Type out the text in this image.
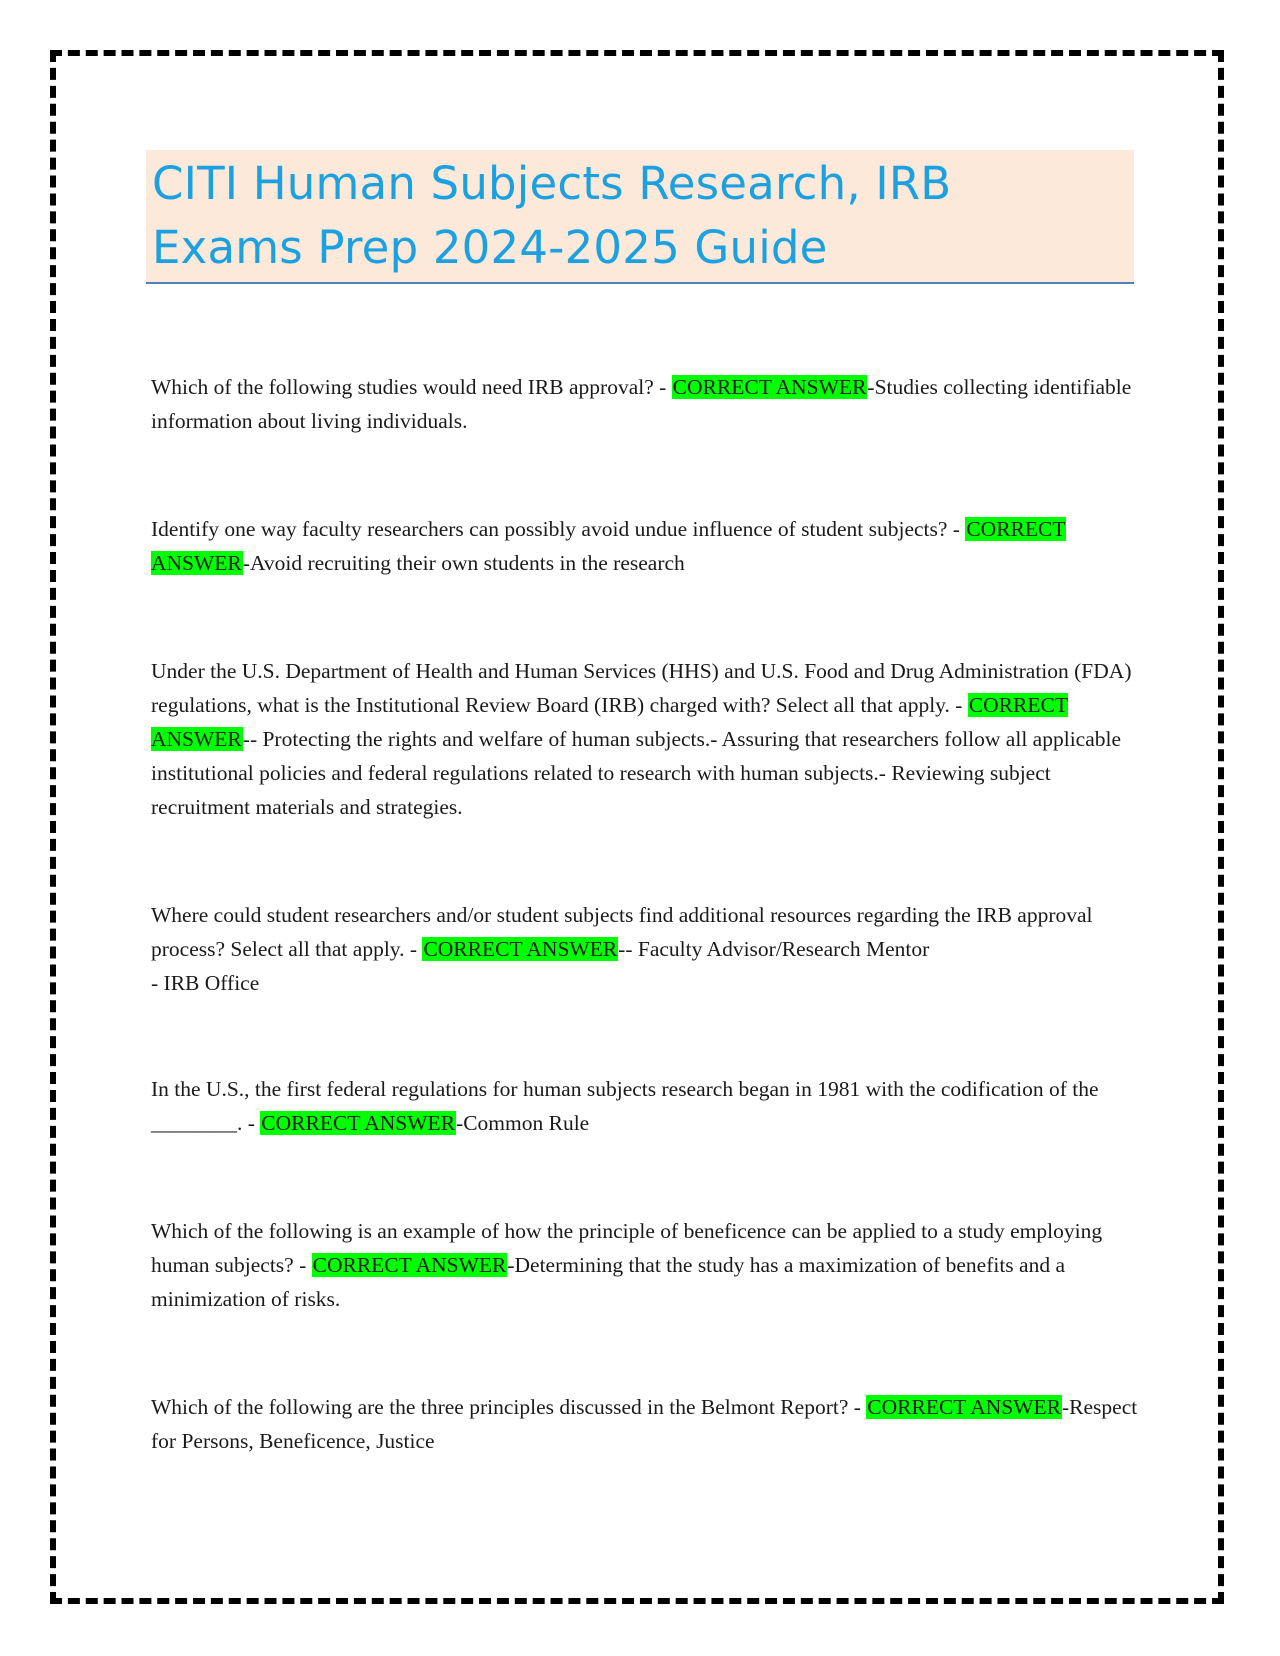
CITI Human Subjects Research, IRB
Exams Prep 2024-2025 Guide

Which of the following studies would need IRB approval? - CORRECT ANSWER-Studies collecting identifiable information about living individuals.

Identify one way faculty researchers can possibly avoid undue influence of student subjects? - CORRECT ANSWER-Avoid recruiting their own students in the research

Under the U.S. Department of Health and Human Services (HHS) and U.S. Food and Drug Administration (FDA) regulations, what is the Institutional Review Board (IRB) charged with? Select all that apply. - CORRECT ANSWER-- Protecting the rights and welfare of human subjects.- Assuring that researchers follow all applicable institutional policies and federal regulations related to research with human subjects.- Reviewing subject recruitment materials and strategies.

Where could student researchers and/or student subjects find additional resources regarding the IRB approval process? Select all that apply. - CORRECT ANSWER-- Faculty Advisor/Research Mentor

- IRB Office

In the U.S., the first federal regulations for human subjects research began in 1981 with the codification of the ________. - CORRECT ANSWER-Common Rule

Which of the following is an example of how the principle of beneficence can be applied to a study employing human subjects? - CORRECT ANSWER-Determining that the study has a maximization of benefits and a minimization of risks.

Which of the following are the three principles discussed in the Belmont Report? - CORRECT ANSWER-Respect for Persons, Beneficence, Justice
